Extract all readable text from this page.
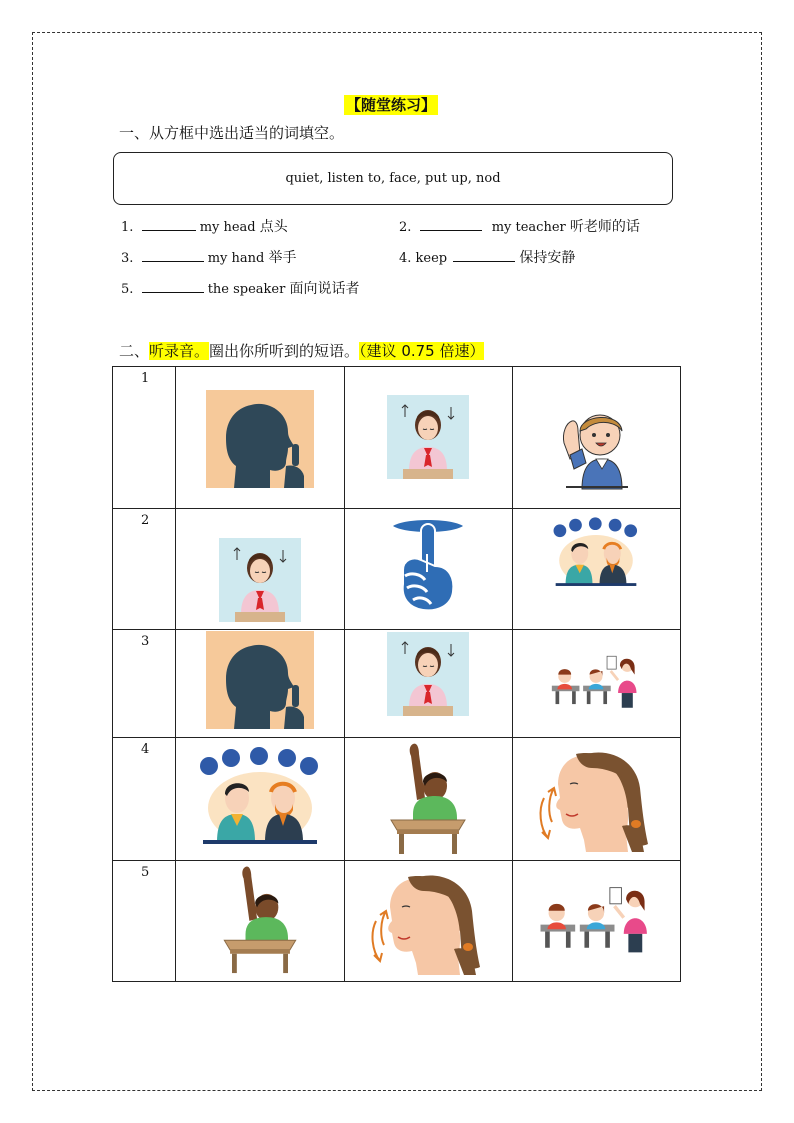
【随堂练习】
一、从方框中选出适当的词填空。
quiet, listen to, face, put up, nod
1.	my head 点头	2.	my teacher 听老师的话
3.	my hand 举手	4. keep	保持安静
5.	the speaker 面向说话者
二、听录音。圈出你所听到的短语。（建议 0.75 倍速）
1	

2	

3	

4	

5	
